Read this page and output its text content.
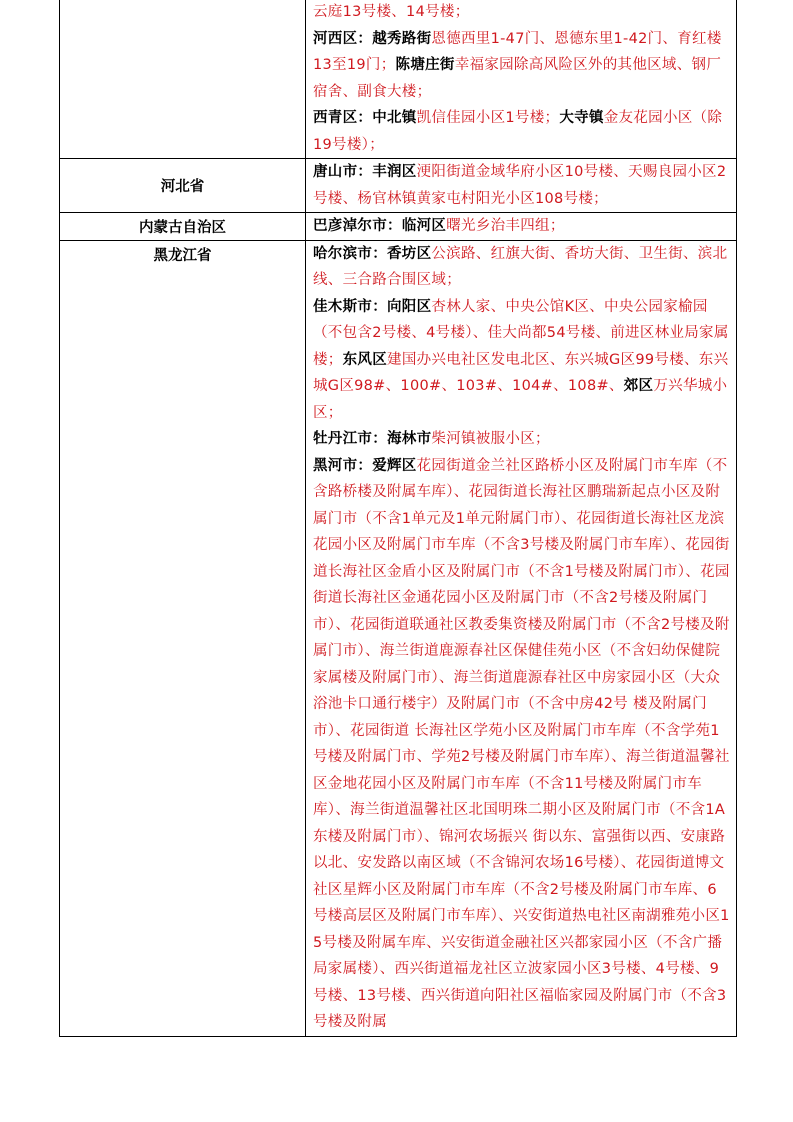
	云庭13号楼、14号楼；

河西区：越秀路街恩德西里1-47门、恩德东里1-42门、育红楼13至19门；陈塘庄街幸福家园除高风险区外的其他区域、钢厂宿舍、副食大楼；

西青区：中北镇凯信佳园小区1号楼；大寺镇金友花园小区（除19号楼）；

河北省	唐山市：丰润区浭阳街道金域华府小区10号楼、天赐良园小区2号楼、杨官林镇黄家屯村阳光小区108号楼；

内蒙古自治区	巴彦淖尔市：临河区曙光乡治丰四组；

黑龙江省	哈尔滨市：香坊区公滨路、红旗大街、香坊大街、卫生街、滨北线、三合路合围区域；

佳木斯市：向阳区杏林人家、中央公馆K区、中央公园家榆园（不包含2号楼、4号楼）、佳大尚都54号楼、前进区林业局家属楼；东风区建国办兴电社区发电北区、东兴城G区99号楼、东兴城G区98#、100#、103#、104#、108#、郊区万兴华城小区；

牡丹江市：海林市柴河镇被服小区；

黑河市：爱辉区花园街道金兰社区路桥小区及附属门市车库（不含路桥楼及附属车库）、花园街道长海社区鹏瑞新起点小区及附属门市（不含1单元及1单元附属门市）、花园街道长海社区龙滨花园小区及附属门市车库（不含3号楼及附属门市车库）、花园街道长海社区金盾小区及附属门市（不含1号楼及附属门市）、花园街道长海社区金通花园小区及附属门市（不含2号楼及附属门市）、花园街道联通社区教委集资楼及附属门市（不含2号楼及附属门市）、海兰街道鹿源春社区保健佳苑小区（不含妇幼保健院家属楼及附属门市）、海兰街道鹿源春社区中房家园小区（大众浴池卡口通行楼宇）及附属门市（不含中房42号 楼及附属门市）、花园街道 长海社区学苑小区及附属门市车库（不含学苑1号楼及附属门市、学苑2号楼及附属门市车库）、海兰街道温馨社区金地花园小区及附属门市车库（不含11号楼及附属门市车库）、海兰街道温馨社区北国明珠二期小区及附属门市（不含1A东楼及附属门市）、锦河农场振兴 街以东、富强街以西、安康路以北、安发路以南区域（不含锦河农场16号楼）、花园街道博文社区星辉小区及附属门市车库（不含2号楼及附属门市车库、6号楼高层区及附属门市车库）、兴安街道热电社区南湖雅苑小区15号楼及附属车库、兴安街道金融社区兴都家园小区（不含广播局家属楼）、西兴街道福龙社区立波家园小区3号楼、4号楼、9号楼、13号楼、西兴街道向阳社区福临家园及附属门市（不含3号楼及附属
